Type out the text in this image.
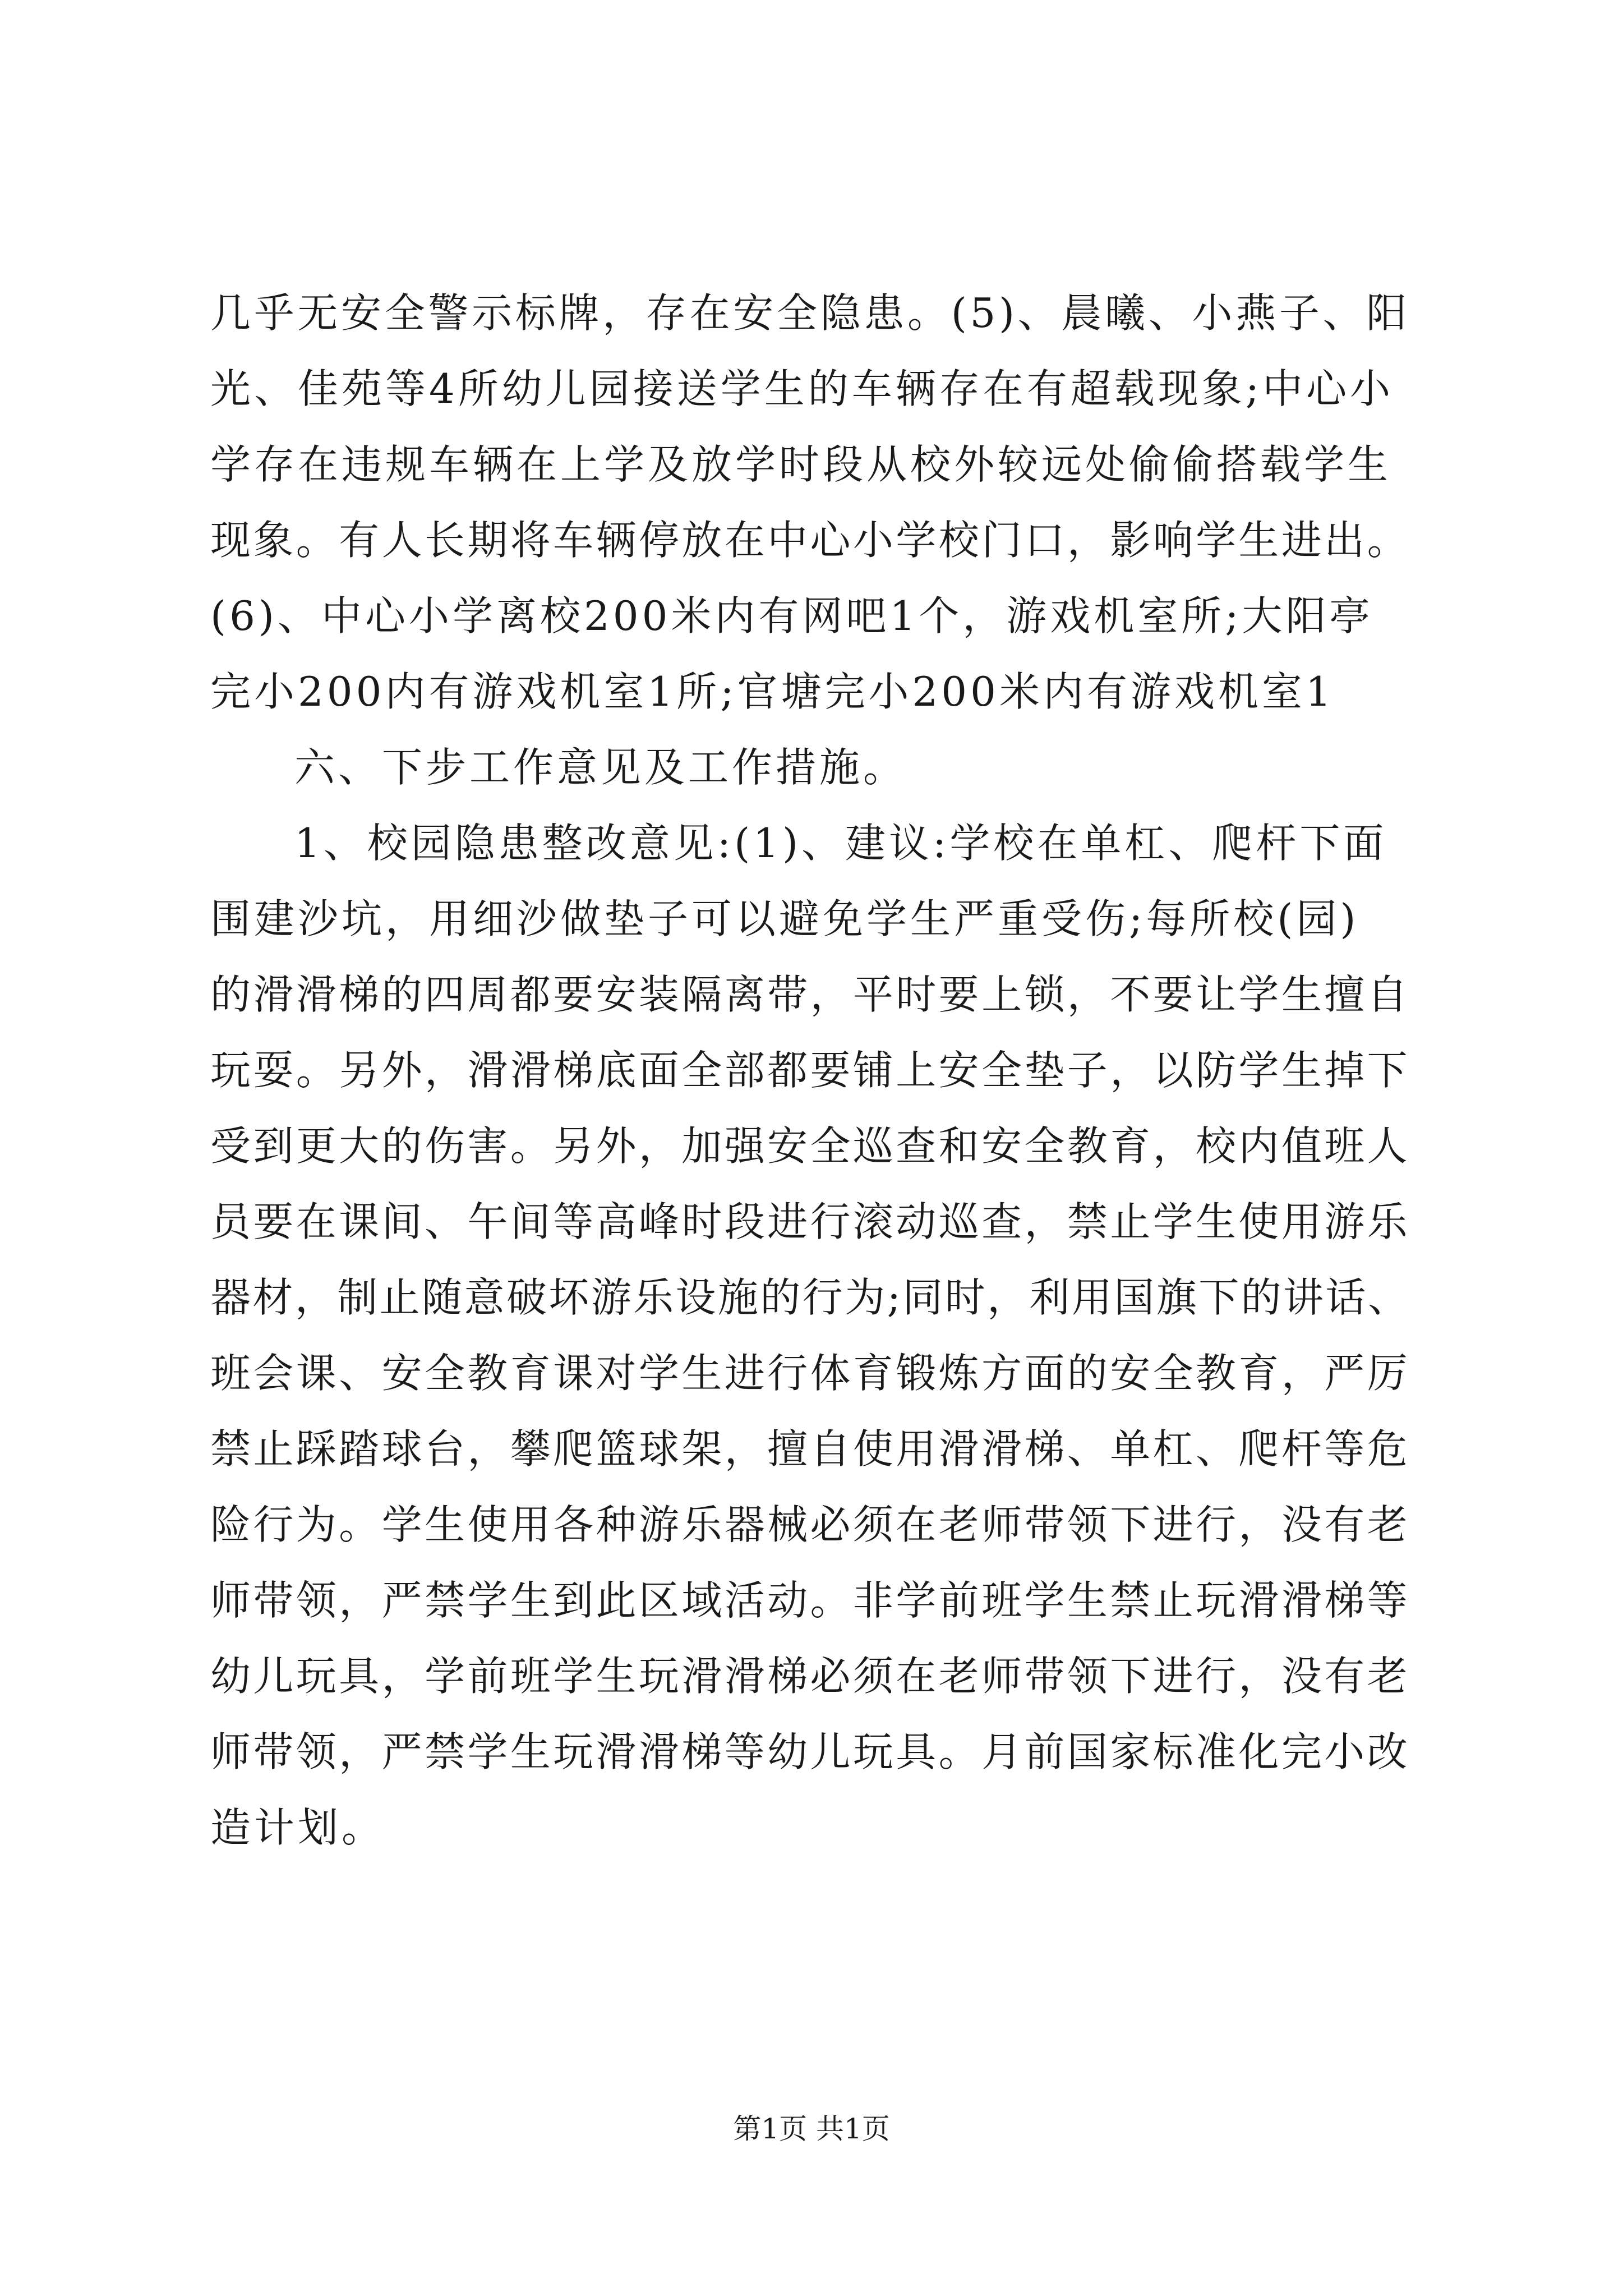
几乎无安全警示标牌，存在安全隐患。(5)、晨曦、小燕子、阳

光、佳苑等4所幼儿园接送学生的车辆存在有超载现象;中心小

学存在违规车辆在上学及放学时段从校外较远处偷偷搭载学生

现象。有人长期将车辆停放在中心小学校门口，影响学生进出。

(6)、中心小学离校200米内有网吧1个，游戏机室所;大阳亭

完小200内有游戏机室1所;官塘完小200米内有游戏机室1

六、下步工作意见及工作措施。

1、校园隐患整改意见:(1)、建议:学校在单杠、爬杆下面

围建沙坑，用细沙做垫子可以避免学生严重受伤;每所校(园)

的滑滑梯的四周都要安装隔离带，平时要上锁，不要让学生擅自

玩耍。另外，滑滑梯底面全部都要铺上安全垫子，以防学生掉下

受到更大的伤害。另外，加强安全巡查和安全教育，校内值班人

员要在课间、午间等高峰时段进行滚动巡查，禁止学生使用游乐

器材，制止随意破坏游乐设施的行为;同时，利用国旗下的讲话、

班会课、安全教育课对学生进行体育锻炼方面的安全教育，严厉

禁止踩踏球台，攀爬篮球架，擅自使用滑滑梯、单杠、爬杆等危

险行为。学生使用各种游乐器械必须在老师带领下进行，没有老

师带领，严禁学生到此区域活动。非学前班学生禁止玩滑滑梯等

幼儿玩具，学前班学生玩滑滑梯必须在老师带领下进行，没有老

师带领，严禁学生玩滑滑梯等幼儿玩具。月前国家标准化完小改

造计划。

第1页 共1页
